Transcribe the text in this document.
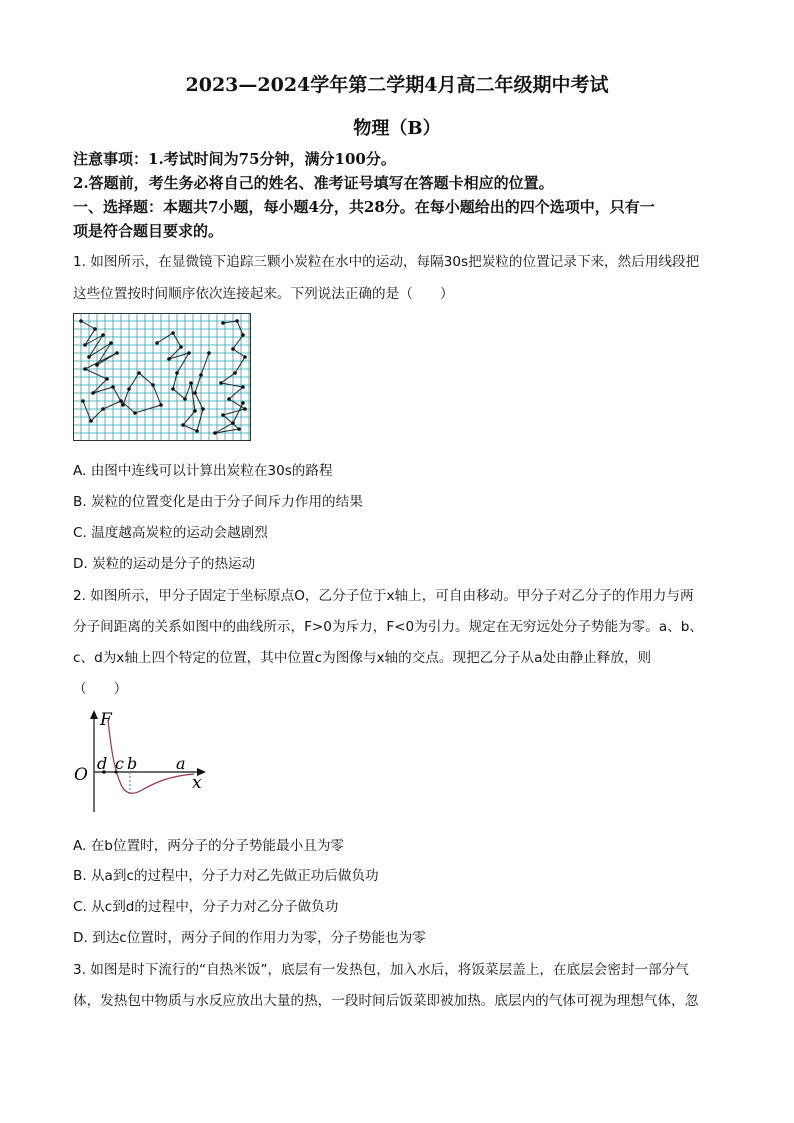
2023—2024学年第二学期4月高二年级期中考试
物理（B）
注意事项：1.考试时间为75分钟，满分100分。
2.答题前，考生务必将自己的姓名、准考证号填写在答题卡相应的位置。
一、选择题：本题共7小题，每小题4分，共28分。在每小题给出的四个选项中，只有一
项是符合题目要求的。
1. 如图所示，在显微镜下追踪三颗小炭粒在水中的运动，每隔30s把炭粒的位置记录下来，然后用线段把
这些位置按时间顺序依次连接起来。下列说法正确的是（　　）
A. 由图中连线可以计算出炭粒在30s的路程
B. 炭粒的位置变化是由于分子间斥力作用的结果
C. 温度越高炭粒的运动会越剧烈
D. 炭粒的运动是分子的热运动
2. 如图所示，甲分子固定于坐标原点O，乙分子位于x轴上，可自由移动。甲分子对乙分子的作用力与两
分子间距离的关系如图中的曲线所示，F>0为斥力，F<0为引力。规定在无穷远处分子势能为零。a、b、
c、d为x轴上四个特定的位置，其中位置c为图像与x轴的交点。现把乙分子从a处由静止释放，则
（　　）
F
O	x
d c b a
A. 在b位置时，两分子的分子势能最小且为零
B. 从a到c的过程中，分子力对乙先做正功后做负功
C. 从c到d的过程中，分子力对乙分子做负功
D. 到达c位置时，两分子间的作用力为零，分子势能也为零
3. 如图是时下流行的“自热米饭”，底层有一发热包，加入水后，将饭菜层盖上，在底层会密封一部分气
体，发热包中物质与水反应放出大量的热，一段时间后饭菜即被加热。底层内的气体可视为理想气体，忽
